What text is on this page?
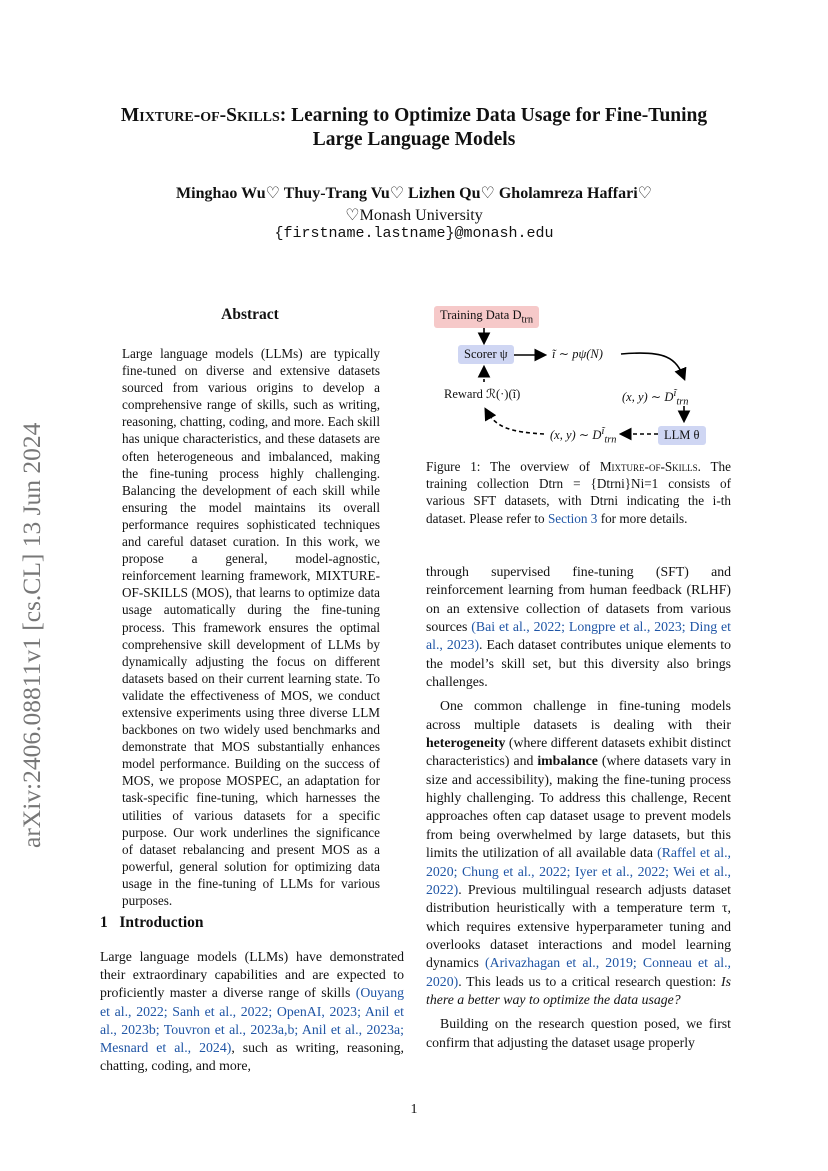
arXiv:2406.08811v1 [cs.CL] 13 Jun 2024
Mixture-of-Skills: Learning to Optimize Data Usage for Fine-Tuning
Large Language Models
Minghao Wu♡ Thuy-Trang Vu♡ Lizhen Qu♡ Gholamreza Haffari♡
♡Monash University
{firstname.lastname}@monash.edu
Abstract
Large language models (LLMs) are typically fine-tuned on diverse and extensive datasets sourced from various origins to develop a comprehensive range of skills, such as writing, reasoning, chatting, coding, and more. Each skill has unique characteristics, and these datasets are often heterogeneous and imbalanced, making the fine-tuning process highly challenging. Balancing the development of each skill while ensuring the model maintains its overall performance requires sophisticated techniques and careful dataset curation. In this work, we propose a general, model-agnostic, reinforcement learning framework, MIXTURE-OF-SKILLS (MOS), that learns to optimize data usage automatically during the fine-tuning process. This framework ensures the optimal comprehensive skill development of LLMs by dynamically adjusting the focus on different datasets based on their current learning state. To validate the effectiveness of MOS, we conduct extensive experiments using three diverse LLM backbones on two widely used benchmarks and demonstrate that MOS substantially enhances model performance. Building on the success of MOS, we propose MOSPEC, an adaptation for task-specific fine-tuning, which harnesses the utilities of various datasets for a specific purpose. Our work underlines the significance of dataset rebalancing and present MOS as a powerful, general solution for optimizing data usage in the fine-tuning of LLMs for various purposes.
1 Introduction
Large language models (LLMs) have demonstrated their extraordinary capabilities and are expected to proficiently master a diverse range of skills (Ouyang et al., 2022; Sanh et al., 2022; OpenAI, 2023; Anil et al., 2023b; Touvron et al., 2023a,b; Anil et al., 2023a; Mesnard et al., 2024), such as writing, reasoning, chatting, coding, and more,
Training Data $D_{trn}$
Scorer ψ	ĩ ∼ pψ(N)
(x, y) ∼ $D^ĩ_{trn}$
Reward ℛ(·)(ĩ)
(x, y) ∼ $D^ĩ_{trn}$	LLM θ
Figure 1: The overview of Mixture-of-Skills. The training collection Dtrn = {Dtrni}Ni=1 consists of various SFT datasets, with Dtrni indicating the i-th dataset. Please refer to Section 3 for more details.

through supervised fine-tuning (SFT) and reinforcement learning from human feedback (RLHF) on an extensive collection of datasets from various sources (Bai et al., 2022; Longpre et al., 2023; Ding et al., 2023). Each dataset contributes unique elements to the model’s skill set, but this diversity also brings challenges.

One common challenge in fine-tuning models across multiple datasets is dealing with their heterogeneity (where different datasets exhibit distinct characteristics) and imbalance (where datasets vary in size and accessibility), making the fine-tuning process highly challenging. To address this challenge, Recent approaches often cap dataset usage to prevent models from being overwhelmed by large datasets, but this limits the utilization of all available data (Raffel et al., 2020; Chung et al., 2022; Iyer et al., 2022; Wei et al., 2022). Previous multilingual research adjusts dataset distribution heuristically with a temperature term τ, which requires extensive hyperparameter tuning and overlooks dataset interactions and model learning dynamics (Arivazhagan et al., 2019; Conneau et al., 2020). This leads us to a critical research question: Is there a better way to optimize the data usage?

Building on the research question posed, we first confirm that adjusting the dataset usage properly

1
